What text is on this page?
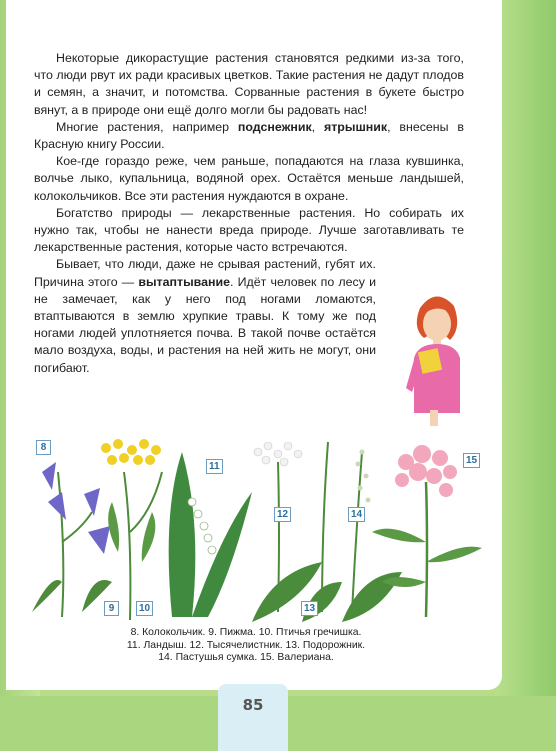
Некоторые дикорастущие растения становятся редкими из-за того, что люди рвут их ради красивых цветков. Такие растения не дадут плодов и семян, а значит, и потомства. Сорванные растения в букете быстро вянут, а в природе они ещё долго могли бы радовать нас!

Многие растения, например подснежник, ятрышник, внесены в Красную книгу России.

Кое-где гораздо реже, чем раньше, попадаются на глаза кувшинка, волчье лыко, купальница, водяной орех. Остаётся меньше ландышей, колокольчиков. Все эти растения нуждаются в охране.

Богатство природы — лекарственные растения. Но собирать их нужно так, чтобы не нанести вреда природе. Лучше заготавливать те лекарственные растения, которые часто встречаются.

Бывает, что люди, даже не срывая растений, губят их. Причина этого — вытаптывание. Идёт человек по лесу и не замечает, как у него под ногами ломаются, втаптываются в землю хрупкие травы. К тому же под ногами людей уплотняется почва. В такой почве остаётся мало воздуха, воды, и растения на ней жить не могут, они погибают.

8
9	10
11
12
13
14
15
8. Колокольчик. 9. Пижма. 10. Птичья гречишка.
11. Ландыш. 12. Тысячелистник. 13. Подорожник.
14. Пастушья сумка. 15. Валериана.
85
